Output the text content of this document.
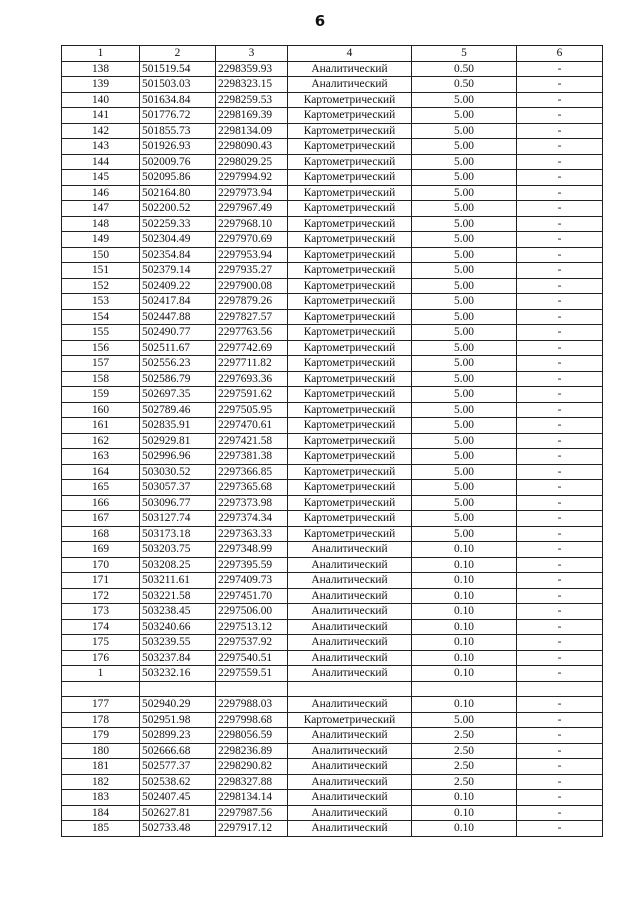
6
1	2	3	4	5	6
138	501519.54	2298359.93	Аналитический	0.50	-
139	501503.03	2298323.15	Аналитический	0.50	-
140	501634.84	2298259.53	Картометрический	5.00	-
141	501776.72	2298169.39	Картометрический	5.00	-
142	501855.73	2298134.09	Картометрический	5.00	-
143	501926.93	2298090.43	Картометрический	5.00	-
144	502009.76	2298029.25	Картометрический	5.00	-
145	502095.86	2297994.92	Картометрический	5.00	-
146	502164.80	2297973.94	Картометрический	5.00	-
147	502200.52	2297967.49	Картометрический	5.00	-
148	502259.33	2297968.10	Картометрический	5.00	-
149	502304.49	2297970.69	Картометрический	5.00	-
150	502354.84	2297953.94	Картометрический	5.00	-
151	502379.14	2297935.27	Картометрический	5.00	-
152	502409.22	2297900.08	Картометрический	5.00	-
153	502417.84	2297879.26	Картометрический	5.00	-
154	502447.88	2297827.57	Картометрический	5.00	-
155	502490.77	2297763.56	Картометрический	5.00	-
156	502511.67	2297742.69	Картометрический	5.00	-
157	502556.23	2297711.82	Картометрический	5.00	-
158	502586.79	2297693.36	Картометрический	5.00	-
159	502697.35	2297591.62	Картометрический	5.00	-
160	502789.46	2297505.95	Картометрический	5.00	-
161	502835.91	2297470.61	Картометрический	5.00	-
162	502929.81	2297421.58	Картометрический	5.00	-
163	502996.96	2297381.38	Картометрический	5.00	-
164	503030.52	2297366.85	Картометрический	5.00	-
165	503057.37	2297365.68	Картометрический	5.00	-
166	503096.77	2297373.98	Картометрический	5.00	-
167	503127.74	2297374.34	Картометрический	5.00	-
168	503173.18	2297363.33	Картометрический	5.00	-
169	503203.75	2297348.99	Аналитический	0.10	-
170	503208.25	2297395.59	Аналитический	0.10	-
171	503211.61	2297409.73	Аналитический	0.10	-
172	503221.58	2297451.70	Аналитический	0.10	-
173	503238.45	2297506.00	Аналитический	0.10	-
174	503240.66	2297513.12	Аналитический	0.10	-
175	503239.55	2297537.92	Аналитический	0.10	-
176	503237.84	2297540.51	Аналитический	0.10	-
1	503232.16	2297559.51	Аналитический	0.10	-

177	502940.29	2297988.03	Аналитический	0.10	-
178	502951.98	2297998.68	Картометрический	5.00	-
179	502899.23	2298056.59	Аналитический	2.50	-
180	502666.68	2298236.89	Аналитический	2.50	-
181	502577.37	2298290.82	Аналитический	2.50	-
182	502538.62	2298327.88	Аналитический	2.50	-
183	502407.45	2298134.14	Аналитический	0.10	-
184	502627.81	2297987.56	Аналитический	0.10	-
185	502733.48	2297917.12	Аналитический	0.10	-
